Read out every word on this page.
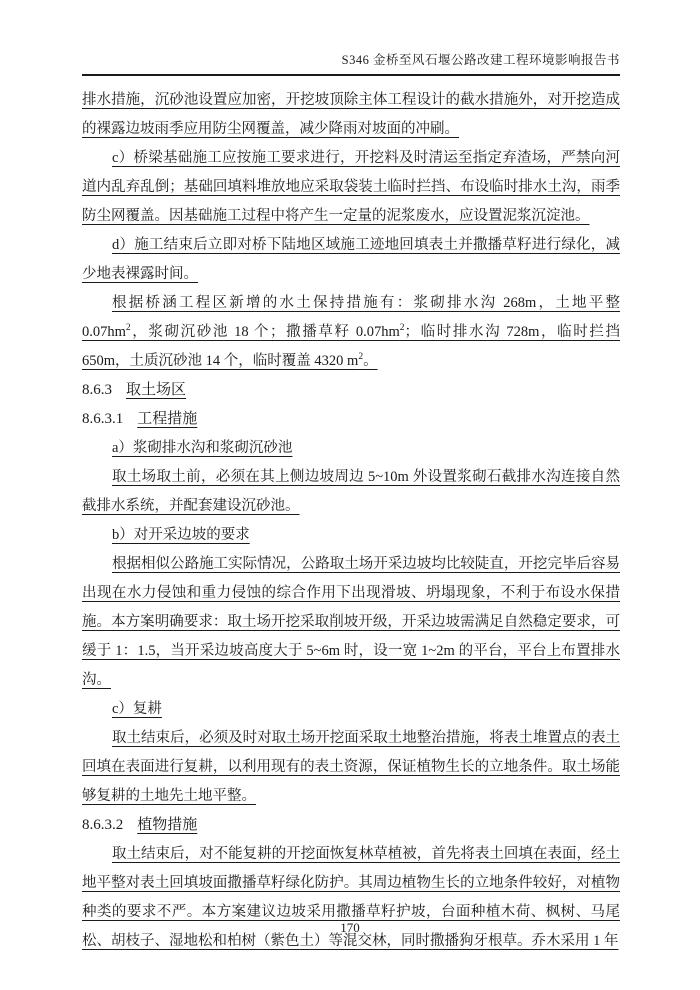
S346 金桥至风石堰公路改建工程环境影响报告书

排水措施，沉砂池设置应加密，开挖坡顶除主体工程设计的截水措施外，对开挖造成的裸露边坡雨季应用防尘网覆盖，减少降雨对坡面的冲刷。

c）桥梁基础施工应按施工要求进行，开挖料及时清运至指定弃渣场，严禁向河道内乱弃乱倒；基础回填料堆放地应采取袋装土临时拦挡、布设临时排水土沟，雨季防尘网覆盖。因基础施工过程中将产生一定量的泥浆废水，应设置泥浆沉淀池。

d）施工结束后立即对桥下陆地区域施工迹地回填表土并撒播草籽进行绿化，减少地表裸露时间。

根据桥涵工程区新增的水土保持措施有：浆砌排水沟 268m，土地平整 $0.07hm^2$，浆砌沉砂池 18 个；撒播草籽 $0.07hm^2$；临时排水沟 728m，临时拦挡 650m，土质沉砂池 14 个，临时覆盖 4320 $m^2$。

8.6.3 取土场区

8.6.3.1 工程措施

a）浆砌排水沟和浆砌沉砂池

取土场取土前，必须在其上侧边坡周边 5~10m 外设置浆砌石截排水沟连接自然截排水系统，并配套建设沉砂池。

b）对开采边坡的要求

根据相似公路施工实际情况，公路取土场开采边坡均比较陡直，开挖完毕后容易出现在水力侵蚀和重力侵蚀的综合作用下出现滑坡、坍塌现象，不利于布设水保措施。本方案明确要求：取土场开挖采取削坡开级，开采边坡需满足自然稳定要求，可缓于 1：1.5，当开采边坡高度大于 5~6m 时，设一宽 1~2m 的平台，平台上布置排水沟。

c）复耕

取土结束后，必须及时对取土场开挖面采取土地整治措施，将表土堆置点的表土回填在表面进行复耕，以利用现有的表土资源，保证植物生长的立地条件。取土场能够复耕的土地先土地平整。

8.6.3.2 植物措施

取土结束后，对不能复耕的开挖面恢复林草植被，首先将表土回填在表面，经土地平整对表土回填坡面撒播草籽绿化防护。其周边植物生长的立地条件较好，对植物种类的要求不严。本方案建议边坡采用撒播草籽护坡，台面种植木荷、枫树、马尾松、胡枝子、湿地松和柏树（紫色土）等混交林，同时撒播狗牙根草。乔木采用 1 年

170
